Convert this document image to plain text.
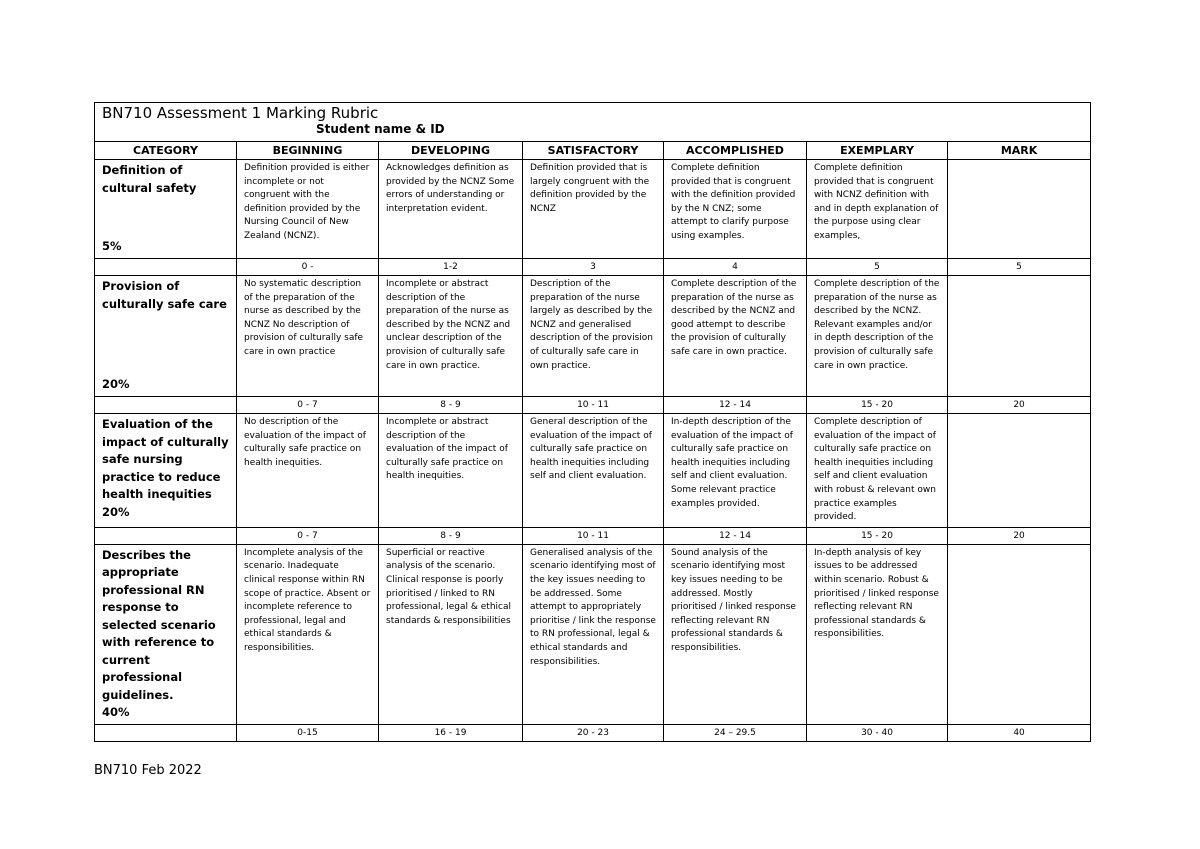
BN710 Assessment 1 Marking Rubric
Student name & ID						

CATEGORY	BEGINNING	DEVELOPING	SATISFACTORY	ACCOMPLISHED	EXEMPLARY	MARK

Definition of cultural safety
5%	Definition provided is either incomplete or not congruent with the definition provided by the Nursing Council of New Zealand (NCNZ).	Acknowledges definition as provided by the NCNZ Some errors of understanding or interpretation evident.	Definition provided that is largely congruent with the definition provided by the NCNZ	Complete definition provided that is congruent with the definition provided by the N CNZ; some attempt to clarify purpose using examples.	Complete definition provided that is congruent with NCNZ definition with and in depth explanation of the purpose using clear examples,	
	0 -	1-2	3	4	5	5

Provision of culturally safe care
20%	No systematic description of the preparation of the nurse as described by the NCNZ No description of provision of culturally safe care in own practice	Incomplete or abstract description of the preparation of the nurse as described by the NCNZ and unclear description of the provision of culturally safe care in own practice.	Description of the preparation of the nurse largely as described by the NCNZ and generalised description of the provision of culturally safe care in own practice.	Complete description of the preparation of the nurse as described by the NCNZ and good attempt to describe the provision of culturally safe care in own practice.	Complete description of the preparation of the nurse as described by the NCNZ. Relevant examples and/or in depth description of the provision of culturally safe care in own practice.	
	0 - 7	8 - 9	10 - 11	12 - 14	15 - 20	20

Evaluation of the impact of culturally safe nursing practice to reduce health inequities
20%	No description of the evaluation of the impact of culturally safe practice on health inequities.	Incomplete or abstract description of the evaluation of the impact of culturally safe practice on health inequities.	General description of the evaluation of the impact of culturally safe practice on health inequities including self and client evaluation.	In-depth description of the evaluation of the impact of culturally safe practice on health inequities including self and client evaluation. Some relevant practice examples provided.	Complete description of evaluation of the impact of culturally safe practice on health inequities including self and client evaluation with robust & relevant own practice examples provided.	
	0 - 7	8 - 9	10 - 11	12 - 14	15 - 20	20

Describes the appropriate professional RN response to selected scenario with reference to current professional guidelines.
40%	Incomplete analysis of the scenario. Inadequate clinical response within RN scope of practice. Absent or incomplete reference to professional, legal and ethical standards & responsibilities.	Superficial or reactive analysis of the scenario. Clinical response is poorly prioritised / linked to RN professional, legal & ethical standards & responsibilities	Generalised analysis of the scenario identifying most of the key issues needing to be addressed. Some attempt to appropriately prioritise / link the response to RN professional, legal & ethical standards and responsibilities.	Sound analysis of the scenario identifying most key issues needing to be addressed. Mostly prioritised / linked response reflecting relevant RN professional standards & responsibilities.	In-depth analysis of key issues to be addressed within scenario. Robust & prioritised / linked response reflecting relevant RN professional standards & responsibilities.	
	0-15	16 - 19	20 - 23	24 – 29.5	30 - 40	40
BN710 Feb 2022
